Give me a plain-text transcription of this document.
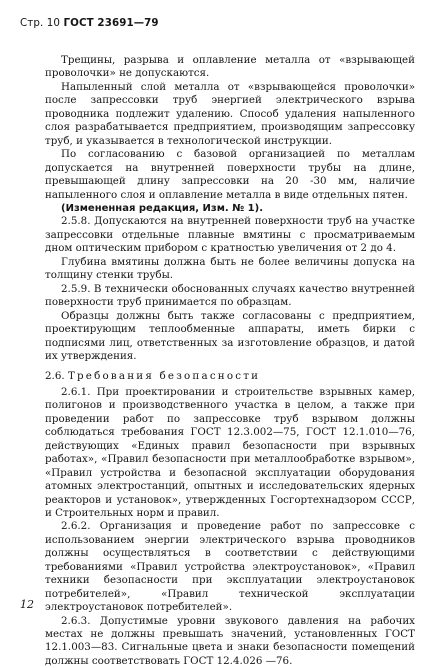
Стр. 10 ГОСТ 23691—79

Трещины, разрыва и оплавление металла от «взрывающей проволочки» не допускаются.

Напыленный слой металла от «взрывающейся проволочки» после запрессовки труб энергией электрического взрыва проводника подлежит удалению. Способ удаления напыленного слоя разрабатывается предприятием, производящим запрессовку труб, и указывается в технологической инструкции.

По согласованию с базовой организацией по металлам допускается на внутренней поверхности трубы на длине, превышающей длину запрессовки на 20 -30 мм, наличие напыленного слоя и оплавление металла в виде отдельных пятен.

(Измененная редакция, Изм. № 1).

2.5.8. Допускаются на внутренней поверхности труб на участке запрессовки отдельные плавные вмятины с просматриваемым дном оптическим прибором с кратностью увеличения от 2 до 4.

Глубина вмятины должна быть не более величины допуска на толщину стенки трубы.

2.5.9. В технически обоснованных случаях качество внутренней поверхности труб принимается по образцам.

Образцы должны быть также согласованы с предприятием, проектирующим теплообменные аппараты, иметь бирки с подписями лиц, ответственных за изготовление образцов, и датой их утверждения.

2.6. Требования безопасности

2.6.1. При проектировании и строительстве взрывных камер, полигонов и производственного участка в целом, а также при проведении работ по запрессовке труб взрывом должны соблюдаться требования ГОСТ 12.3.002—75, ГОСТ 12.1.010—76, действующих «Единых правил безопасности при взрывных работах», «Правил безопасности при металлообработке взрывом», «Правил устройства и безопасной эксплуатации оборудования атомных электростанций, опытных и исследовательских ядерных реакторов и установок», утвержденных Госгортехнадзором СССР, и Строительных норм и правил.

2.6.2. Организация и проведение работ по запрессовке с использованием энергии электрического взрыва проводников должны осуществляться в соответствии с действующими требованиями «Правил устройства электроустановок», «Правил техники безопасности при эксплуатации электроустановок потребителей», «Правил технической эксплуатации электроустановок потребителей».

2.6.3. Допустимые уровни звукового давления на рабочих местах не должны превышать значений, установленных ГОСТ 12.1.003—83. Сигнальные цвета и знаки безопасности помещений должны соответствовать ГОСТ 12.4.026 —76.

12
